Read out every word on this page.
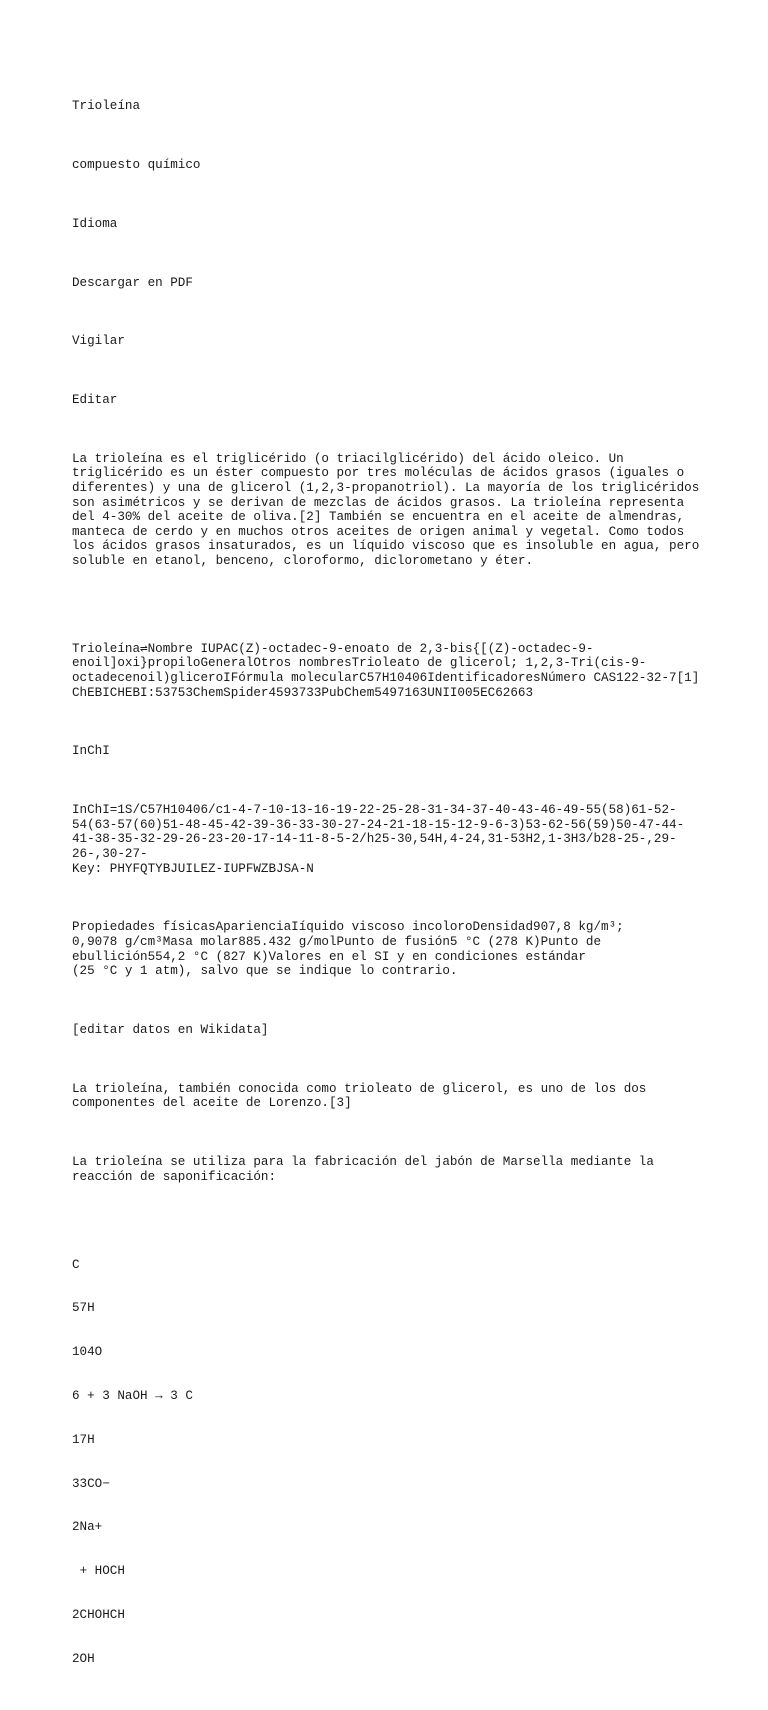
Trioleína

compuesto químico

Idioma

Descargar en PDF

Vigilar

Editar

La trioleína es el triglicérido (o triacilglicérido) del ácido oleico. Un
triglicérido es un éster compuesto por tres moléculas de ácidos grasos (iguales o
diferentes) y una de glicerol (1,2,3-propanotriol). La mayoría de los triglicéridos
son asimétricos y se derivan de mezclas de ácidos grasos. La trioleína representa
del 4-30% del aceite de oliva.[2] También se encuentra en el aceite de almendras,
manteca de cerdo y en muchos otros aceites de origen animal y vegetal. Como todos
los ácidos grasos insaturados, es un líquido viscoso que es insoluble en agua, pero
soluble en etanol, benceno, cloroformo, diclorometano y éter.

Trioleína⇌Nombre IUPAC(Z)-octadec-9-enoato de 2,3-bis{[(Z)-octadec-9-
enoil]oxi}propiloGeneralOtros nombresTrioleato de glicerol; 1,2,3-Tri(cis-9-
octadecenoil)gliceroIFórmula molecularC57H10406IdentificadoresNúmero CAS122-32-7[1]
ChEBICHEBI:53753ChemSpider4593733PubChem5497163UNII005EC62663

InChI

InChI=1S/C57H10406/c1-4-7-10-13-16-19-22-25-28-31-34-37-40-43-46-49-55(58)61-52-
54(63-57(60)51-48-45-42-39-36-33-30-27-24-21-18-15-12-9-6-3)53-62-56(59)50-47-44-
41-38-35-32-29-26-23-20-17-14-11-8-5-2/h25-30,54H,4-24,31-53H2,1-3H3/b28-25-,29-
26-,30-27-
Key: PHYFQTYBJUILEZ-IUPFWZBJSA-N

Propiedades físicasAparienciaIíquido viscoso incoloroDensidad907,8 kg/m³;
0,9078 g/cm³Masa molar885.432 g/molPunto de fusión5 °C (278 K)Punto de
ebullición554,2 °C (827 K)Valores en el SI y en condiciones estándar
(25 °C y 1 atm), salvo que se indique lo contrario.

[editar datos en Wikidata]

La trioleína, también conocida como trioleato de glicerol, es uno de los dos
componentes del aceite de Lorenzo.[3]

La trioleína se utiliza para la fabricación del jabón de Marsella mediante la
reacción de saponificación:

C

57H

104O

6 + 3 NaOH → 3 C

17H

33CO−

2Na+

+ HOCH

2CHOHCH

2OH
